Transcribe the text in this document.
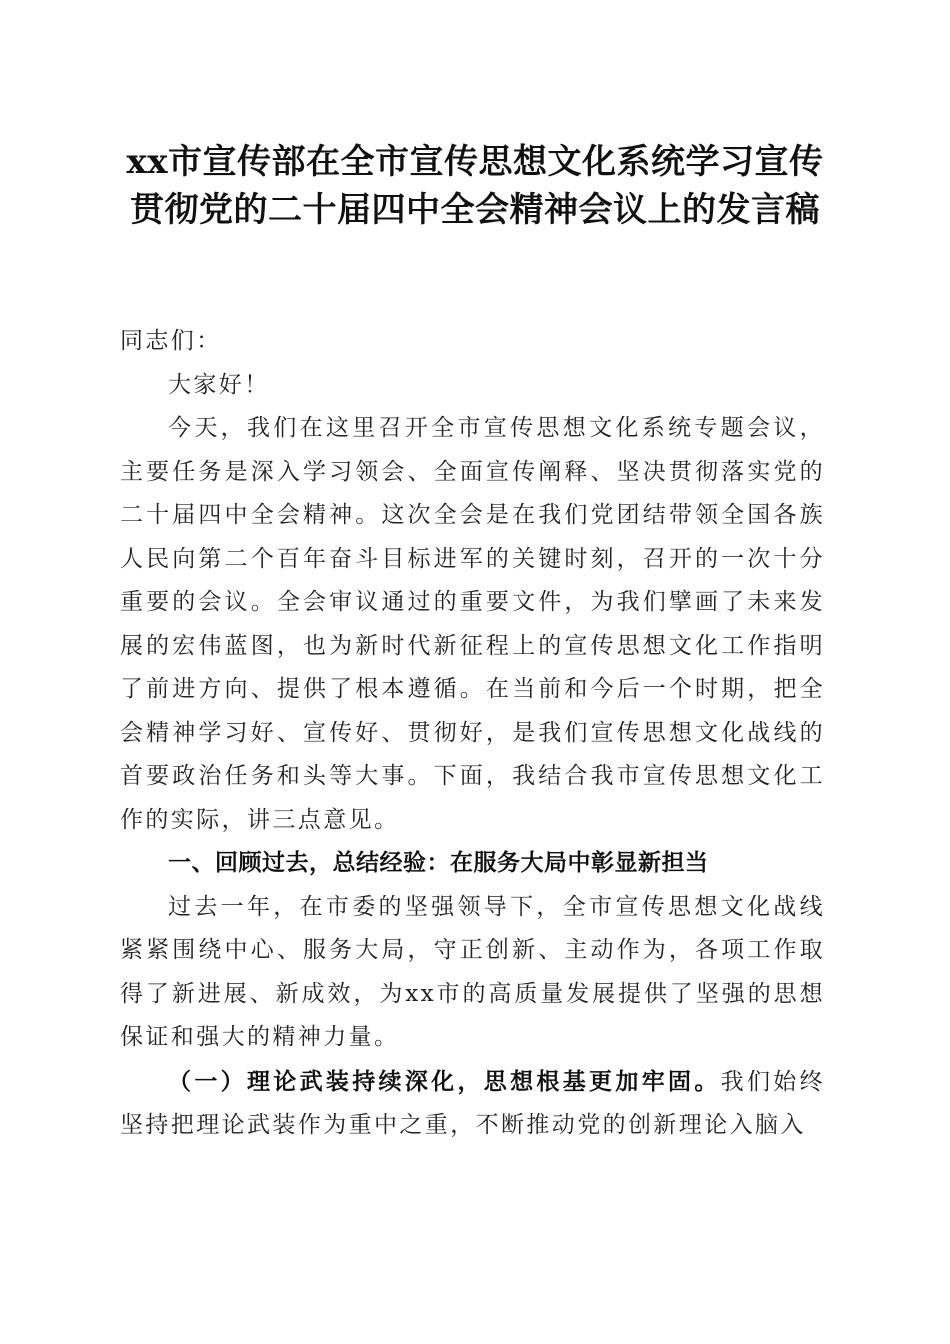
xx市宣传部在全市宣传思想文化系统学习宣传贯彻党的二十届四中全会精神会议上的发言稿

同志们：

大家好！

今天，我们在这里召开全市宣传思想文化系统专题会议，主要任务是深入学习领会、全面宣传阐释、坚决贯彻落实党的二十届四中全会精神。这次全会是在我们党团结带领全国各族人民向第二个百年奋斗目标进军的关键时刻，召开的一次十分重要的会议。全会审议通过的重要文件，为我们擘画了未来发展的宏伟蓝图，也为新时代新征程上的宣传思想文化工作指明了前进方向、提供了根本遵循。在当前和今后一个时期，把全会精神学习好、宣传好、贯彻好，是我们宣传思想文化战线的首要政治任务和头等大事。下面，我结合我市宣传思想文化工作的实际，讲三点意见。

一、回顾过去，总结经验：在服务大局中彰显新担当

过去一年，在市委的坚强领导下，全市宣传思想文化战线紧紧围绕中心、服务大局，守正创新、主动作为，各项工作取得了新进展、新成效，为xx市的高质量发展提供了坚强的思想保证和强大的精神力量。

（一）理论武装持续深化，思想根基更加牢固。我们始终坚持把理论武装作为重中之重，不断推动党的创新理论入脑入
